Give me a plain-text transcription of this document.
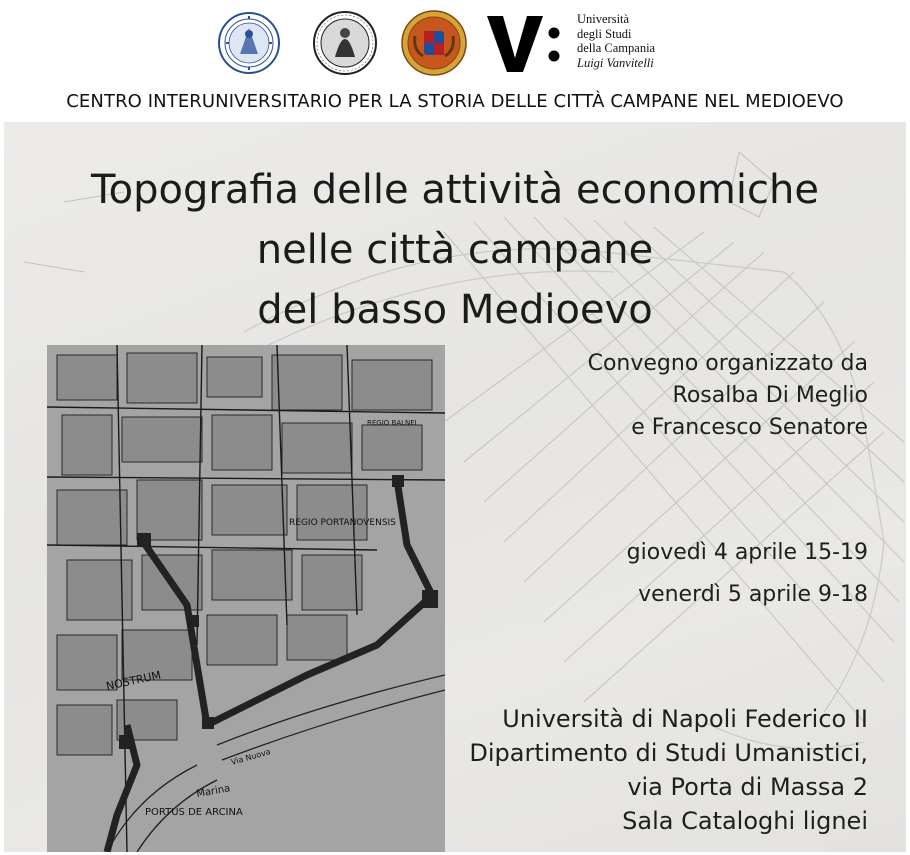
Università
degli Studi
della Campania
Luigi Vanvitelli
CENTRO INTERUNIVERSITARIO PER LA STORIA DELLE CITTÀ CAMPANE NEL MEDIOEVO
Topografia delle attività economiche
nelle città campane
del basso Medioevo
REGIO PORTANOVENSIS
REGIO BALNEI
NOSTRUM
Marina
Via Nuova
PORTUS DE ARCINA
Convegno organizzato da
Rosalba Di Meglio
e Francesco Senatore
giovedì 4 aprile 15-19
venerdì 5 aprile 9-18
Università di Napoli Federico II
Dipartimento di Studi Umanistici,
via Porta di Massa 2
Sala Cataloghi lignei
